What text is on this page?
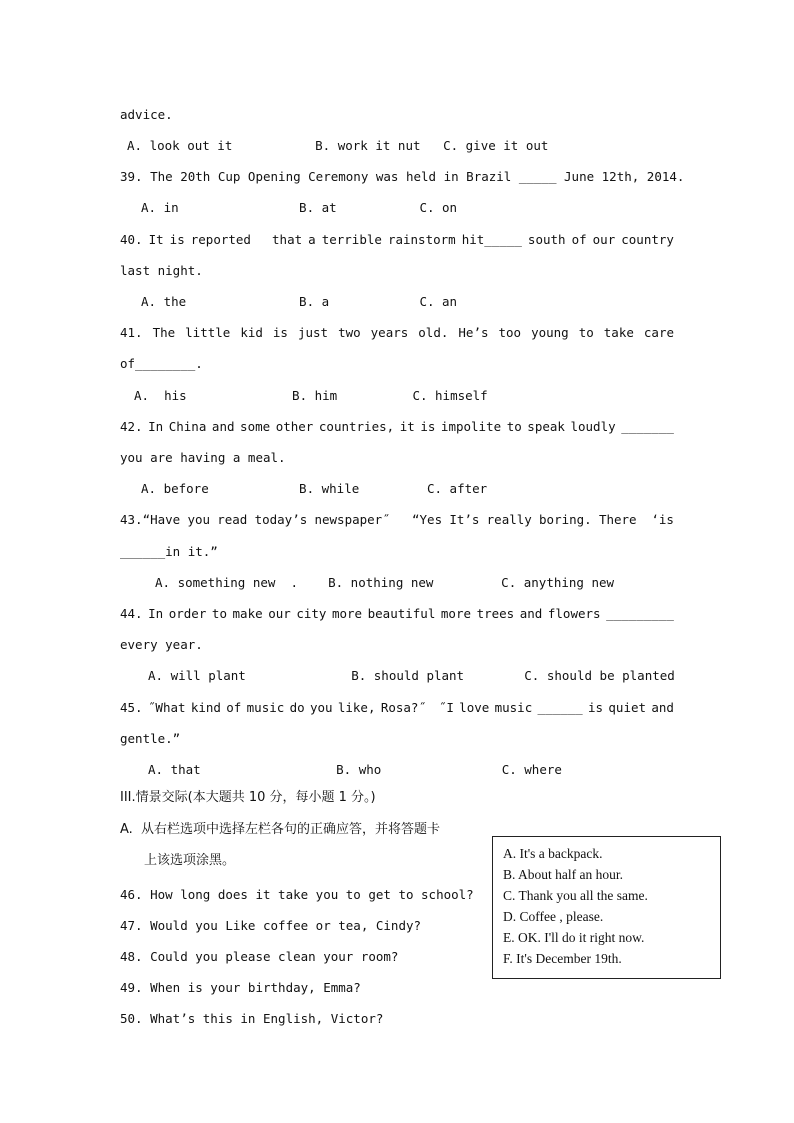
advice.
A. look out it           B. work it nut   C. give it out
39. The 20th Cup Opening Ceremony was held in Brazil _____ June 12th, 2014.
A. in                B. at           C. on
40. It is reported that a terrible rainstorm hit_____ south of our country
last night.
A. the               B. a            C. an
41. The little kid is just two years old. He’s too young to take care
of________.
A.  his              B. him          C. himself
42. In China and some other countries, it is impolite to speak loudly _______
you are having a meal.
A. before            B. while         C. after
43.“Have you read today’s newspaper˝ “Yes It’s really boring. There ‘is
______in it.”
A. something new  .    B. nothing new         C. anything new
44. In order to make our city more beautiful more trees and flowers _________
every year.
A. will plant              B. should plant        C. should be planted
45. ˝What kind of music do you like, Rosa?˝ ˝I love music ______ is quiet and
gentle.”
A. that                  B. who                C. where
III.情景交际(本大题共 10 分，每小题 1 分。)
A.  从右栏选项中选择左栏各句的正确应答，并将答题卡
上该选项涂黑。
46. How long does it take you to get to school?
47. Would you Like coffee or tea, Cindy?
48. Could you please clean your room?
49. When is your birthday, Emma?
50. What’s this in English, Victor?
A. It's a backpack.
B. About half an hour.
C. Thank you all the same.
D. Coffee , please.
E. OK. I'll do it right now.
F. It's December 19th.
